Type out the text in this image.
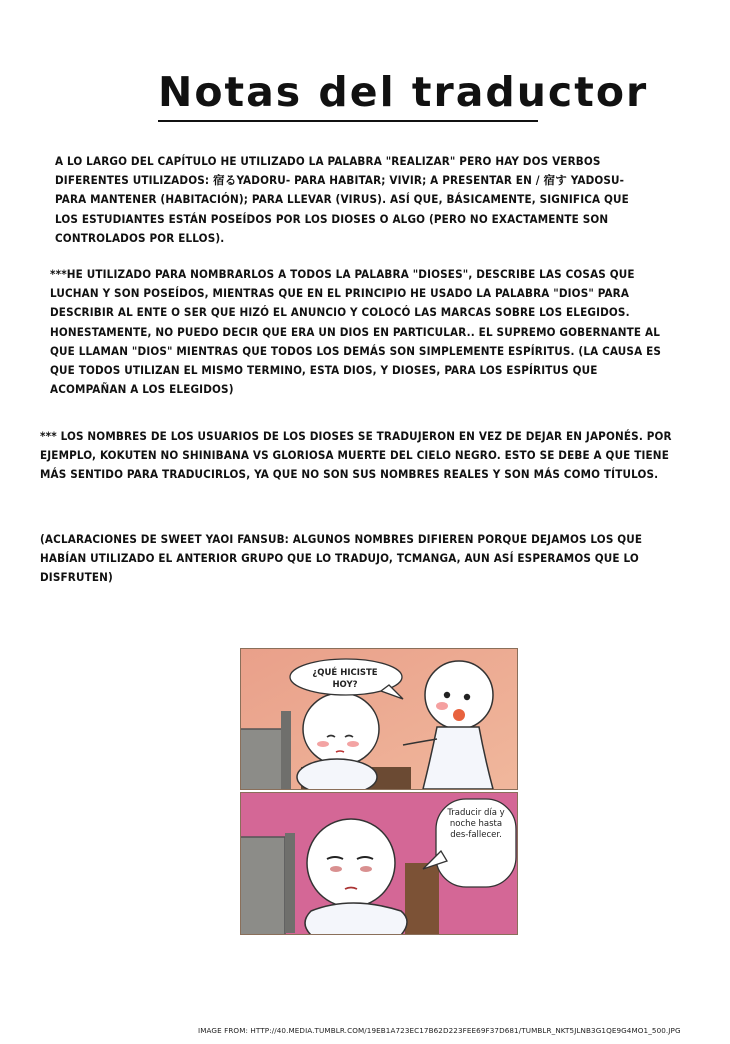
Notas del traductor
A LO LARGO DEL CAPÍTULO HE UTILIZADO LA PALABRA "REALIZAR" PERO HAY DOS VERBOS DIFERENTES UTILIZADOS: 宿るYADORU- PARA HABITAR; VIVIR; A PRESENTAR EN / 宿す YADOSU- PARA MANTENER (HABITACIÓN); PARA LLEVAR (VIRUS). ASÍ QUE, BÁSICAMENTE, SIGNIFICA QUE LOS ESTUDIANTES ESTÁN POSEÍDOS POR LOS DIOSES O ALGO (PERO NO EXACTAMENTE SON CONTROLADOS POR ELLOS).
***HE UTILIZADO PARA NOMBRARLOS A TODOS LA PALABRA "DIOSES", DESCRIBE LAS COSAS QUE LUCHAN Y SON POSEÍDOS, MIENTRAS QUE EN EL PRINCIPIO HE USADO LA PALABRA "DIOS" PARA DESCRIBIR AL ENTE O SER QUE HIZÓ EL ANUNCIO Y COLOCÓ LAS MARCAS SOBRE LOS ELEGIDOS. HONESTAMENTE, NO PUEDO DECIR QUE ERA UN DIOS EN PARTICULAR.. EL SUPREMO GOBERNANTE AL QUE LLAMAN "DIOS" MIENTRAS QUE TODOS LOS DEMÁS SON SIMPLEMENTE ESPÍRITUS. (LA CAUSA ES QUE TODOS UTILIZAN EL MISMO TERMINO, ESTA DIOS, Y DIOSES, PARA LOS ESPÍRITUS QUE ACOMPAÑAN A LOS ELEGIDOS)
*** LOS NOMBRES DE LOS USUARIOS DE LOS DIOSES SE TRADUJERON EN VEZ DE DEJAR EN JAPONÉS. POR EJEMPLO, KOKUTEN NO SHINIBANA VS GLORIOSA MUERTE DEL CIELO NEGRO. ESTO SE DEBE A QUE TIENE MÁS SENTIDO PARA TRADUCIRLOS, YA QUE NO SON SUS NOMBRES REALES Y SON MÁS COMO TÍTULOS.
(ACLARACIONES DE SWEET YAOI FANSUB: ALGUNOS NOMBRES DIFIEREN PORQUE DEJAMOS LOS QUE HABÍAN UTILIZADO EL ANTERIOR GRUPO QUE LO TRADUJO, TCMANGA, AUN ASÍ ESPERAMOS QUE LO DISFRUTEN)
¿QUÉ HICISTE HOY?
Traducir día y noche hasta des-fallecer.
IMAGE FROM: HTTP://40.MEDIA.TUMBLR.COM/19EB1A723EC17B62D223FEE69F37D681/TUMBLR_NKT5JLNB3G1QE9G4MO1_500.JPG
